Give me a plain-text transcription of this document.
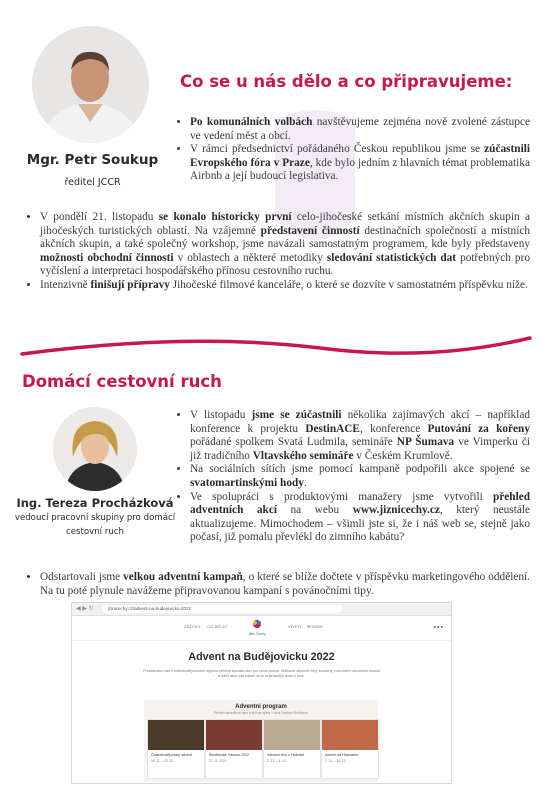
Mgr. Petr Soukup
ředitel JCCR
Co se u nás dělo a co připravujeme:
• Po komunálních volbách navštěvujeme zejména nově zvolené zástupce ve vedení měst a obcí.
• V rámci předsednictví pořádaného Českou republikou jsme se zúčastnili Evropského fóra v Praze, kde bylo jedním z hlavních témat problematika Airbnb a její budoucí legislativa.
• V pondělí 21. listopadu se konalo historicky první celo-jihočeské setkání místních akčních skupin a jihočeských turistických oblastí. Na vzájemné představení činností destinačních společností a místních akčních skupin, a také společný workshop, jsme navázali samostatným programem, kde byly představeny možnosti obchodní činnosti v oblastech a některé metodiky sledování statistických dat potřebných pro vyčíslení a interpretaci hospodářského přínosu cestovního ruchu.
• Intenzivně finišují přípravy Jihočeské filmové kanceláře, o které se dozvíte v samostatném příspěvku níže.
Domácí cestovní ruch
Ing. Tereza Procházková
vedoucí pracovní skupiny pro domácí
cestovní ruch
• V listopadu jsme se zúčastnili několika zajímavých akcí – například konference k projektu DestinACE, konference Putování za kořeny pořádané spolkem Svatá Ludmila, semináře NP Šumava ve Vimperku či již tradičního Vltavského semináře v Českém Krumlově.
• Na sociálních sítích jsme pomocí kampaně podpořili akce spojené se svatomartinskými hody.
• Ve spolupráci s produktovými manažery jsme vytvořili přehled adventních akcí na webu www.jiznicechy.cz, který neustále aktualizujeme. Mimochodem – všimli jste si, že i náš web se, stejně jako počasí, již pomalu převlékl do zimního kabátu?
• Odstartovali jsme velkou adventní kampaň, o které se blíže dočtete v příspěvku marketingového oddělení. Na tu poté plynule navážeme připravovanou kampaní s povánočními tipy.
◀ ▶ ↻	jiznicechy.cz/advent-na-budejovicku-2022
ZÁŽITKY CO DĚLAT
Jižní Čechy
VÝLETY REGIONY	● ● ●
Advent na Budějovicku 2022
Předvánoční čas v českobudějovickém regionu přinese spoustu akcí pro celou rodinu. Oblíbené adventní trhy, koncerty, rozsvícení vánočních stromů a další akce vás naladí na tu nejkrásnější dobu v roce.
Adventní program
Přehled adventních akcí a tipů na výlety v okolí Českých Budějovic
Českobudějovický advent
26. 11. – 23. 12.
Ševětínské Vánoce 2022
27. 11. 2022
Vánoční trhy v Hluboké
3. 12. – 4. 12.
Advent na Hlubokém
2. 12. – 18. 12.
